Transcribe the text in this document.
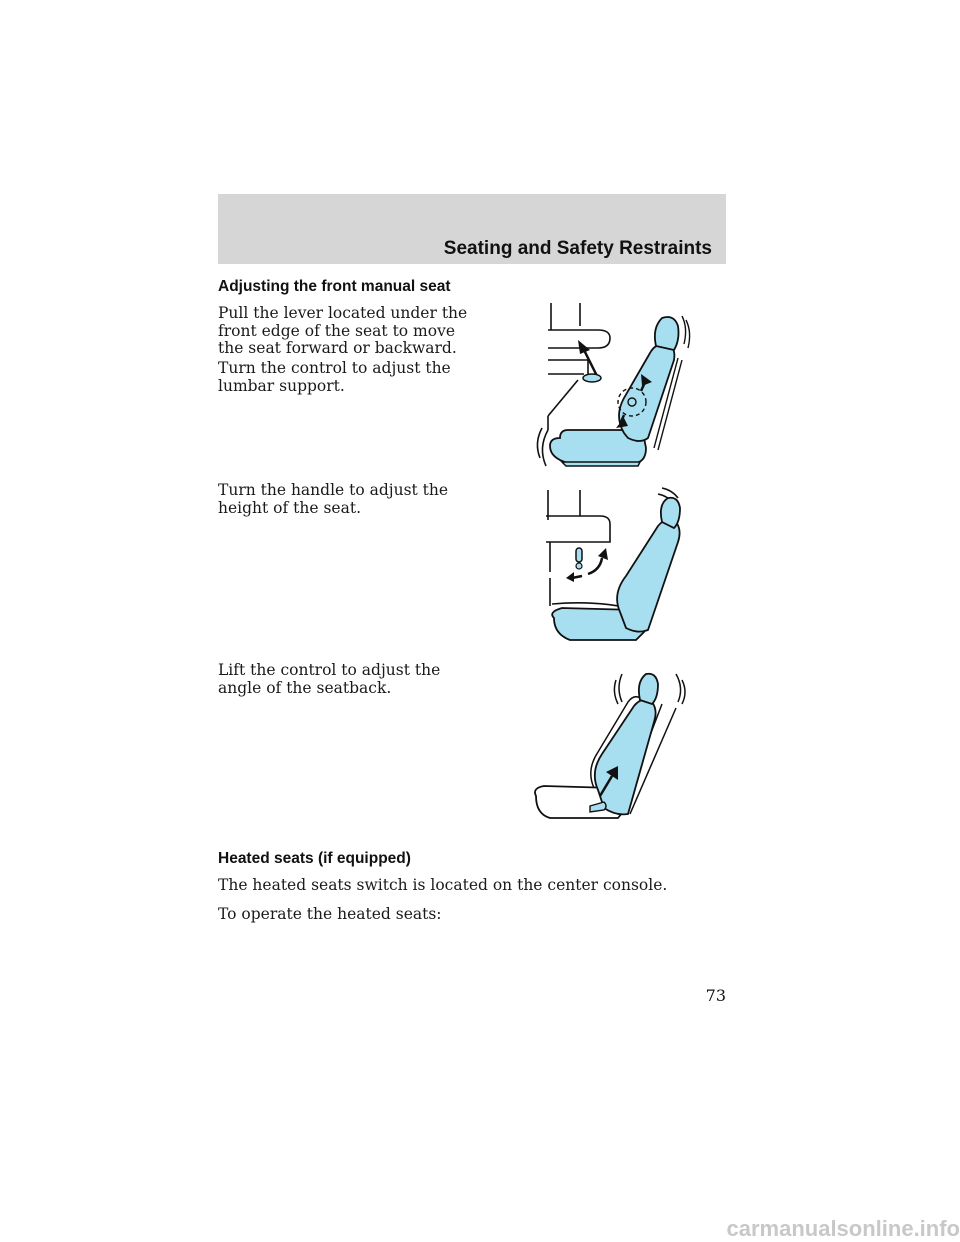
Seating and Safety Restraints
Adjusting the front manual seat
Pull the lever located under the front edge of the seat to move the seat forward or backward.
Turn the control to adjust the lumbar support.
Turn the handle to adjust the height of the seat.
Lift the control to adjust the angle of the seatback.
Heated seats (if equipped)
The heated seats switch is located on the center console.
To operate the heated seats:
73
carmanualsonline.info
